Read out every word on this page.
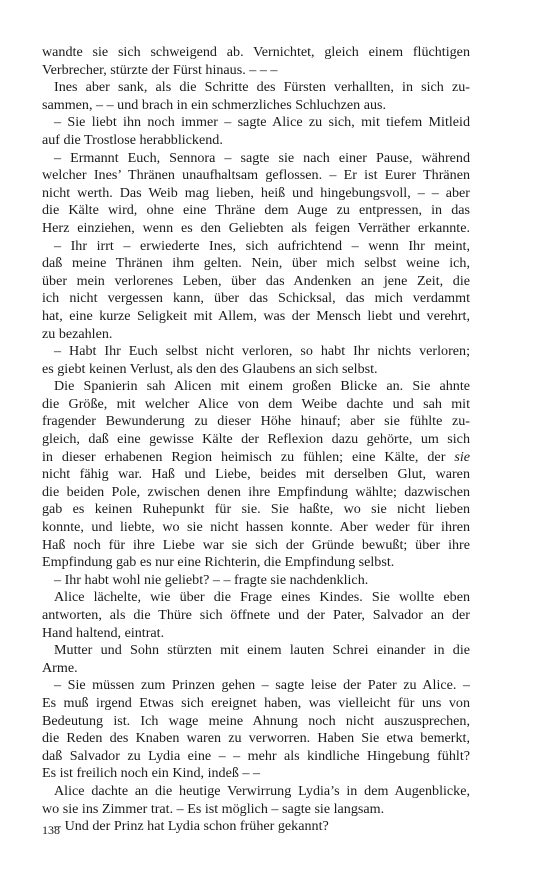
wandte sie sich schweigend ab. Vernichtet, gleich einem flüchtigen
Verbrecher, stürzte der Fürst hinaus. – – –
Ines aber sank, als die Schritte des Fürsten verhallten, in sich zu-
sammen, – – und brach in ein schmerzliches Schluchzen aus.
– Sie liebt ihn noch immer – sagte Alice zu sich, mit tiefem Mitleid
auf die Trostlose herabblickend.
– Ermannt Euch, Sennora – sagte sie nach einer Pause, während
welcher Ines’ Thränen unaufhaltsam geflossen. – Er ist Eurer Thränen
nicht werth. Das Weib mag lieben, heiß und hingebungsvoll, – – aber
die Kälte wird, ohne eine Thräne dem Auge zu entpressen, in das
Herz einziehen, wenn es den Geliebten als feigen Verräther erkannte.
– Ihr irrt – erwiederte Ines, sich aufrichtend – wenn Ihr meint,
daß meine Thränen ihm gelten. Nein, über mich selbst weine ich,
über mein verlorenes Leben, über das Andenken an jene Zeit, die
ich nicht vergessen kann, über das Schicksal, das mich verdammt
hat, eine kurze Seligkeit mit Allem, was der Mensch liebt und verehrt,
zu bezahlen.
– Habt Ihr Euch selbst nicht verloren, so habt Ihr nichts verloren;
es giebt keinen Verlust, als den des Glaubens an sich selbst.
Die Spanierin sah Alicen mit einem großen Blicke an. Sie ahnte
die Größe, mit welcher Alice von dem Weibe dachte und sah mit
fragender Bewunderung zu dieser Höhe hinauf; aber sie fühlte zu-
gleich, daß eine gewisse Kälte der Reflexion dazu gehörte, um sich
in dieser erhabenen Region heimisch zu fühlen; eine Kälte, der sie
nicht fähig war. Haß und Liebe, beides mit derselben Glut, waren
die beiden Pole, zwischen denen ihre Empfindung wählte; dazwischen
gab es keinen Ruhepunkt für sie. Sie haßte, wo sie nicht lieben
konnte, und liebte, wo sie nicht hassen konnte. Aber weder für ihren
Haß noch für ihre Liebe war sie sich der Gründe bewußt; über ihre
Empfindung gab es nur eine Richterin, die Empfindung selbst.
– Ihr habt wohl nie geliebt? – – fragte sie nachdenklich.
Alice lächelte, wie über die Frage eines Kindes. Sie wollte eben
antworten, als die Thüre sich öffnete und der Pater, Salvador an der
Hand haltend, eintrat.
Mutter und Sohn stürzten mit einem lauten Schrei einander in die
Arme.
– Sie müssen zum Prinzen gehen – sagte leise der Pater zu Alice. –
Es muß irgend Etwas sich ereignet haben, was vielleicht für uns von
Bedeutung ist. Ich wage meine Ahnung noch nicht auszusprechen,
die Reden des Knaben waren zu verworren. Haben Sie etwa bemerkt,
daß Salvador zu Lydia eine – – mehr als kindliche Hingebung fühlt?
Es ist freilich noch ein Kind, indeß – –
Alice dachte an die heutige Verwirrung Lydia’s in dem Augenblicke,
wo sie ins Zimmer trat. – Es ist möglich – sagte sie langsam.
– Und der Prinz hat Lydia schon früher gekannt?
138
